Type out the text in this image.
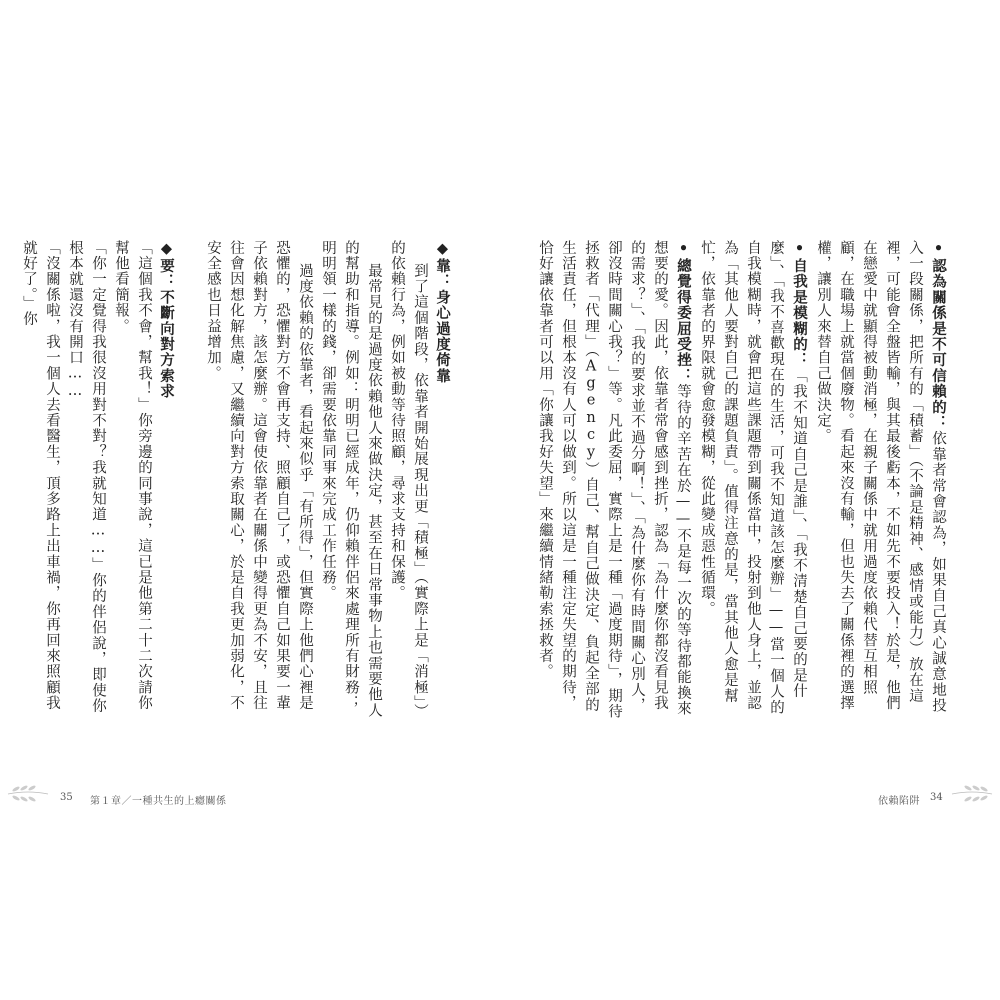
◆靠：身心過度倚靠

到了這個階段，依靠者開始展現出更「積極」（實際上是「消極」）的依賴行為，例如被動等待照顧，尋求支持和保護。

最常見的是過度依賴他人來做決定，甚至在日常事物上也需要他人的幫助和指導。例如：明明已經成年，仍仰賴伴侶來處理所有財務；明明領一樣的錢，卻需要依靠同事來完成工作任務。

過度依賴的依靠者，看起來似乎「有所得」，但實際上他們心裡是恐懼的，恐懼對方不會再支持、照顧自己了，或恐懼自己如果要一輩子依賴對方，該怎麼辦。這會使依靠者在關係中變得更為不安，且往往會因想化解焦慮，又繼續向對方索取關心，於是自我更加弱化，不安全感也日益增加。

◆要：不斷向對方索求

「這個我不會，幫我！」你旁邊的同事說，這已是他第二十二次請你幫他看簡報。

「你一定覺得我很沒用對不對？我就知道……」你的伴侶說，即使你根本就還沒有開口……

「沒關係啦，我一個人去看醫生，頂多路上出車禍，你再回來照顧我就好了。」你

35 第１章／一種共生的上癮關係

•認為關係是不可信賴的：依靠者常會認為，如果自己真心誠意地投入一段關係，把所有的「積蓄」（不論是精神、感情或能力）放在這裡，可能會全盤皆輸，與其最後虧本，不如先不要投入！於是，他們在戀愛中就顯得被動消極，在親子關係中就用過度依賴代替互相照顧，在職場上就當個廢物。看起來沒有輸，但也失去了關係裡的選擇權，讓別人來替自己做決定。

•自我是模糊的：「我不知道自己是誰」、「我不清楚自己要的是什麼」、「我不喜歡現在的生活，可我不知道該怎麼辦」——當一個人的自我模糊時，就會把這些課題帶到關係當中，投射到他人身上，並認為「其他人要對自己的課題負責」。值得注意的是，當其他人愈是幫忙，依靠者的界限就會愈發模糊，從此變成惡性循環。

•總覺得委屈受挫：等待的辛苦在於——不是每一次的等待都能換來想要的愛。因此，依靠者常會感到挫折，認為「為什麼你都沒看見我的需求？」、「我的要求並不過分啊！」、「為什麼你有時間關心別人，卻沒時間關心我？」等。凡此委屈，實際上是一種「過度期待」，期待拯救者「代理」（Agency）自己、幫自己做決定、負起全部的生活責任，但根本沒有人可以做到。所以這是一種注定失望的期待，恰好讓依靠者可以用「你讓我好失望」來繼續情緒勒索拯救者。

依賴陷阱 34
